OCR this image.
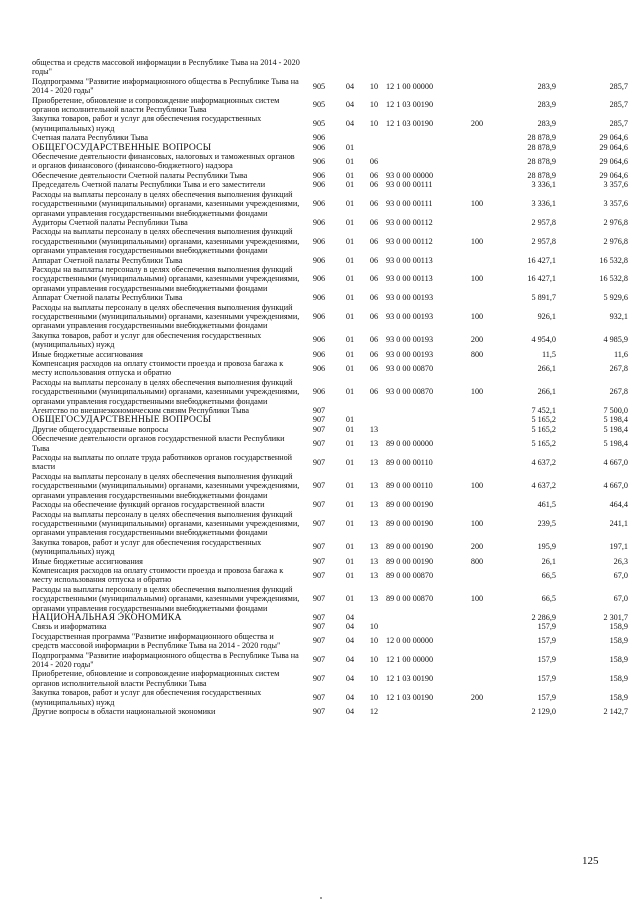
общества и средств массовой информации в Республике Тыва на 2014 - 2020 годы"							
Подпрограмма "Развитие информационного общества в Республике Тыва на 2014 - 2020 годы"	905	04	10	12 1 00 00000		283,9	285,7
Приобретение, обновление и сопровождение информационных систем органов исполнительной власти Республики Тыва	905	04	10	12 1 03 00190		283,9	285,7
Закупка товаров, работ и услуг для обеспечения государственных (муниципальных) нужд	905	04	10	12 1 03 00190	200	283,9	285,7
Счетная палата Республики Тыва	906					28 878,9	29 064,6
ОБЩЕГОСУДАРСТВЕННЫЕ ВОПРОСЫ	906	01				28 878,9	29 064,6
Обеспечение деятельности финансовых, налоговых и таможенных органов и органов финансового (финансово-бюджетного) надзора	906	01	06			28 878,9	29 064,6
Обеспечение деятельности Счетной палаты Республики Тыва	906	01	06	93 0 00 00000		28 878,9	29 064,6
Председатель Счетной палаты Республики Тыва и его заместители	906	01	06	93 0 00 00111		3 336,1	3 357,6
Расходы на выплаты персоналу в целях обеспечения выполнения функций государственными (муниципальными) органами, казенными учреждениями, органами управления государственными внебюджетными фондами	906	01	06	93 0 00 00111	100	3 336,1	3 357,6
Аудиторы Счетной палаты Республики Тыва	906	01	06	93 0 00 00112		2 957,8	2 976,8
Расходы на выплаты персоналу в целях обеспечения выполнения функций государственными (муниципальными) органами, казенными учреждениями, органами управления государственными внебюджетными фондами	906	01	06	93 0 00 00112	100	2 957,8	2 976,8
Аппарат Счетной палаты Республики Тыва	906	01	06	93 0 00 00113		16 427,1	16 532,8
Расходы на выплаты персоналу в целях обеспечения выполнения функций государственными (муниципальными) органами, казенными учреждениями, органами управления государственными внебюджетными фондами	906	01	06	93 0 00 00113	100	16 427,1	16 532,8
Аппарат Счетной палаты Республики Тыва	906	01	06	93 0 00 00193		5 891,7	5 929,6
Расходы на выплаты персоналу в целях обеспечения выполнения функций государственными (муниципальными) органами, казенными учреждениями, органами управления государственными внебюджетными фондами	906	01	06	93 0 00 00193	100	926,1	932,1
Закупка товаров, работ и услуг для обеспечения государственных (муниципальных) нужд	906	01	06	93 0 00 00193	200	4 954,0	4 985,9
Иные бюджетные ассигнования	906	01	06	93 0 00 00193	800	11,5	11,6
Компенсация расходов на оплату стоимости проезда и провоза багажа к месту использования отпуска и обратно	906	01	06	93 0 00 00870		266,1	267,8
Расходы на выплаты персоналу в целях обеспечения выполнения функций государственными (муниципальными) органами, казенными учреждениями, органами управления государственными внебюджетными фондами	906	01	06	93 0 00 00870	100	266,1	267,8
Агентство по внешнеэкономическим связям Республики Тыва	907					7 452,1	7 500,0
ОБЩЕГОСУДАРСТВЕННЫЕ ВОПРОСЫ	907	01				5 165,2	5 198,4
Другие общегосударственные вопросы	907	01	13			5 165,2	5 198,4
Обеспечение деятельности органов государственной власти Республики Тыва	907	01	13	89 0 00 00000		5 165,2	5 198,4
Расходы на выплаты по оплате труда работников органов государственной власти	907	01	13	89 0 00 00110		4 637,2	4 667,0
Расходы на выплаты персоналу в целях обеспечения выполнения функций государственными (муниципальными) органами, казенными учреждениями, органами управления государственными внебюджетными фондами	907	01	13	89 0 00 00110	100	4 637,2	4 667,0
Расходы на обеспечение функций органов государственной власти	907	01	13	89 0 00 00190		461,5	464,4
Расходы на выплаты персоналу в целях обеспечения выполнения функций государственными (муниципальными) органами, казенными учреждениями, органами управления государственными внебюджетными фондами	907	01	13	89 0 00 00190	100	239,5	241,1
Закупка товаров, работ и услуг для обеспечения государственных (муниципальных) нужд	907	01	13	89 0 00 00190	200	195,9	197,1
Иные бюджетные ассигнования	907	01	13	89 0 00 00190	800	26,1	26,3
Компенсация расходов на оплату стоимости проезда и провоза багажа к месту использования отпуска и обратно	907	01	13	89 0 00 00870		66,5	67,0
Расходы на выплаты персоналу в целях обеспечения выполнения функций государственными (муниципальными) органами, казенными учреждениями, органами управления государственными внебюджетными фондами	907	01	13	89 0 00 00870	100	66,5	67,0
НАЦИОНАЛЬНАЯ ЭКОНОМИКА	907	04				2 286,9	2 301,7
Связь и информатика	907	04	10			157,9	158,9
Государственная программа "Развитие информационного общества и средств массовой информации в Республике Тыва на 2014 - 2020 годы"	907	04	10	12 0 00 00000		157,9	158,9
Подпрограмма "Развитие информационного общества в Республике Тыва на 2014 - 2020 годы"	907	04	10	12 1 00 00000		157,9	158,9
Приобретение, обновление и сопровождение информационных систем органов исполнительной власти Республики Тыва	907	04	10	12 1 03 00190		157,9	158,9
Закупка товаров, работ и услуг для обеспечения государственных (муниципальных) нужд	907	04	10	12 1 03 00190	200	157,9	158,9
Другие вопросы в области национальной экономики	907	04	12			2 129,0	2 142,7
125
